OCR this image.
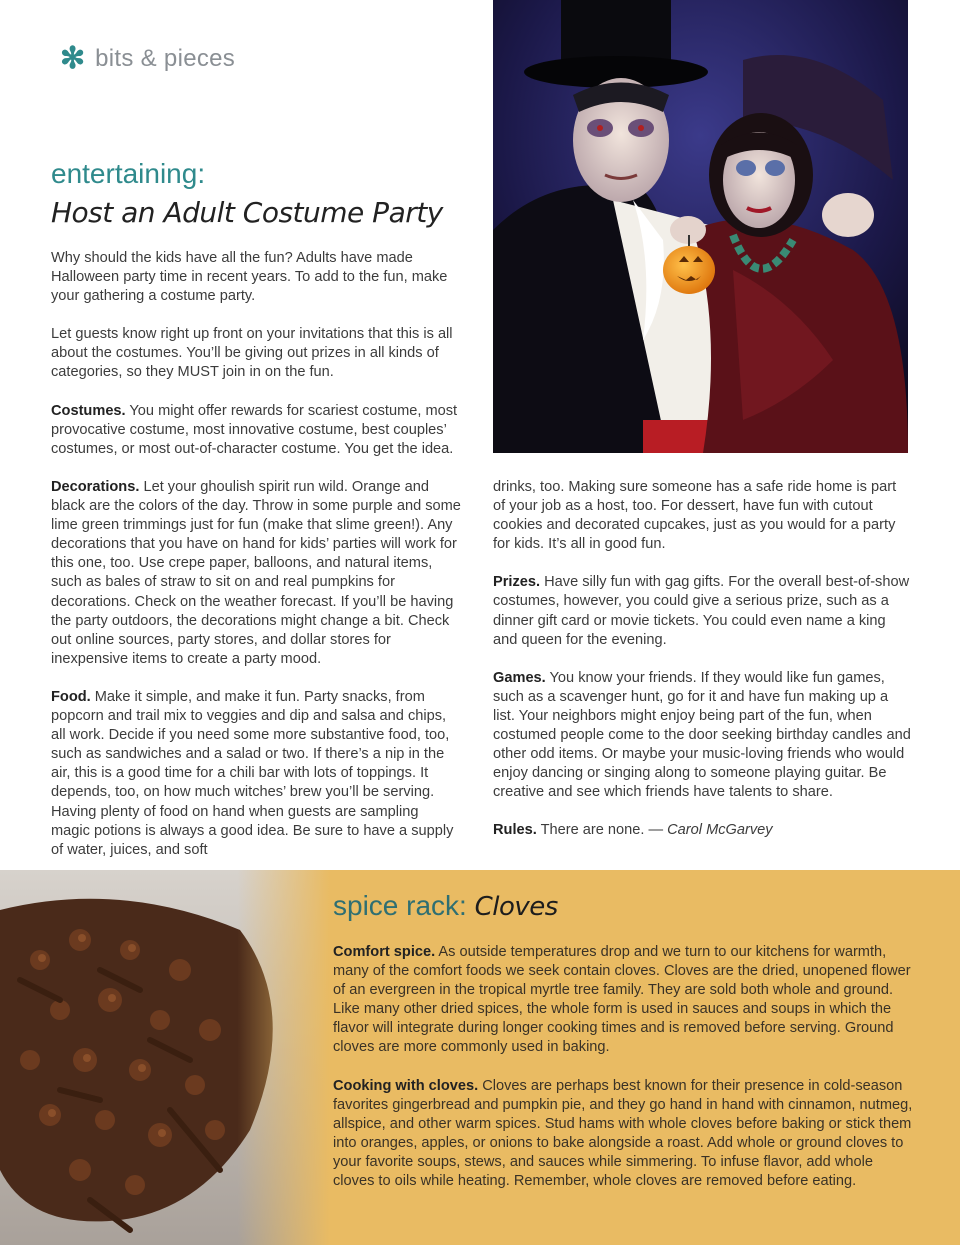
✻ bits & pieces
entertaining:
Host an Adult Costume Party

Why should the kids have all the fun? Adults have made Halloween party time in recent years. To add to the fun, make your gathering a costume party.

Let guests know right up front on your invitations that this is all about the costumes. You’ll be giving out prizes in all kinds of categories, so they MUST join in on the fun.

Costumes. You might offer rewards for scariest costume, most provocative costume, most innovative costume, best couples’ costumes, or most out-of-character costume. You get the idea.

Decorations. Let your ghoulish spirit run wild. Orange and black are the colors of the day. Throw in some purple and some lime green trimmings just for fun (make that slime green!). Any decorations that you have on hand for kids’ parties will work for this one, too. Use crepe paper, balloons, and natural items, such as bales of straw to sit on and real pumpkins for decorations. Check on the weather forecast. If you’ll be having the party outdoors, the decorations might change a bit. Check out online sources, party stores, and dollar stores for inexpensive items to create a party mood.

Food. Make it simple, and make it fun. Party snacks, from popcorn and trail mix to veggies and dip and salsa and chips, all work. Decide if you need some more substantive food, too, such as sandwiches and a salad or two. If there’s a nip in the air, this is a good time for a chili bar with lots of toppings. It depends, too, on how much witches’ brew you’ll be serving. Having plenty of food on hand when guests are sampling magic potions is always a good idea. Be sure to have a supply of water, juices, and soft

drinks, too. Making sure someone has a safe ride home is part of your job as a host, too. For dessert, have fun with cutout cookies and decorated cupcakes, just as you would for a party for kids. It’s all in good fun.

Prizes. Have silly fun with gag gifts. For the overall best-of-show costumes, however, you could give a serious prize, such as a dinner gift card or movie tickets. You could even name a king and queen for the evening.

Games. You know your friends. If they would like fun games, such as a scavenger hunt, go for it and have fun making up a list. Your neighbors might enjoy being part of the fun, when costumed people come to the door seeking birthday candles and other odd items. Or maybe your music-loving friends who would enjoy dancing or singing along to someone playing guitar. Be creative and see which friends have talents to share.

Rules. There are none. — Carol McGarvey

spice rack: Cloves

Comfort spice. As outside temperatures drop and we turn to our kitchens for warmth, many of the comfort foods we seek contain cloves. Cloves are the dried, unopened flower of an evergreen in the tropical myrtle tree family. They are sold both whole and ground. Like many other dried spices, the whole form is used in sauces and soups in which the flavor will integrate during longer cooking times and is removed before serving. Ground cloves are more commonly used in baking.

Cooking with cloves. Cloves are perhaps best known for their presence in cold-season favorites gingerbread and pumpkin pie, and they go hand in hand with cinnamon, nutmeg, allspice, and other warm spices. Stud hams with whole cloves before baking or stick them into oranges, apples, or onions to bake alongside a roast. Add whole or ground cloves to your favorite soups, stews, and sauces while simmering. To infuse flavor, add whole cloves to oils while heating. Remember, whole cloves are removed before eating.
